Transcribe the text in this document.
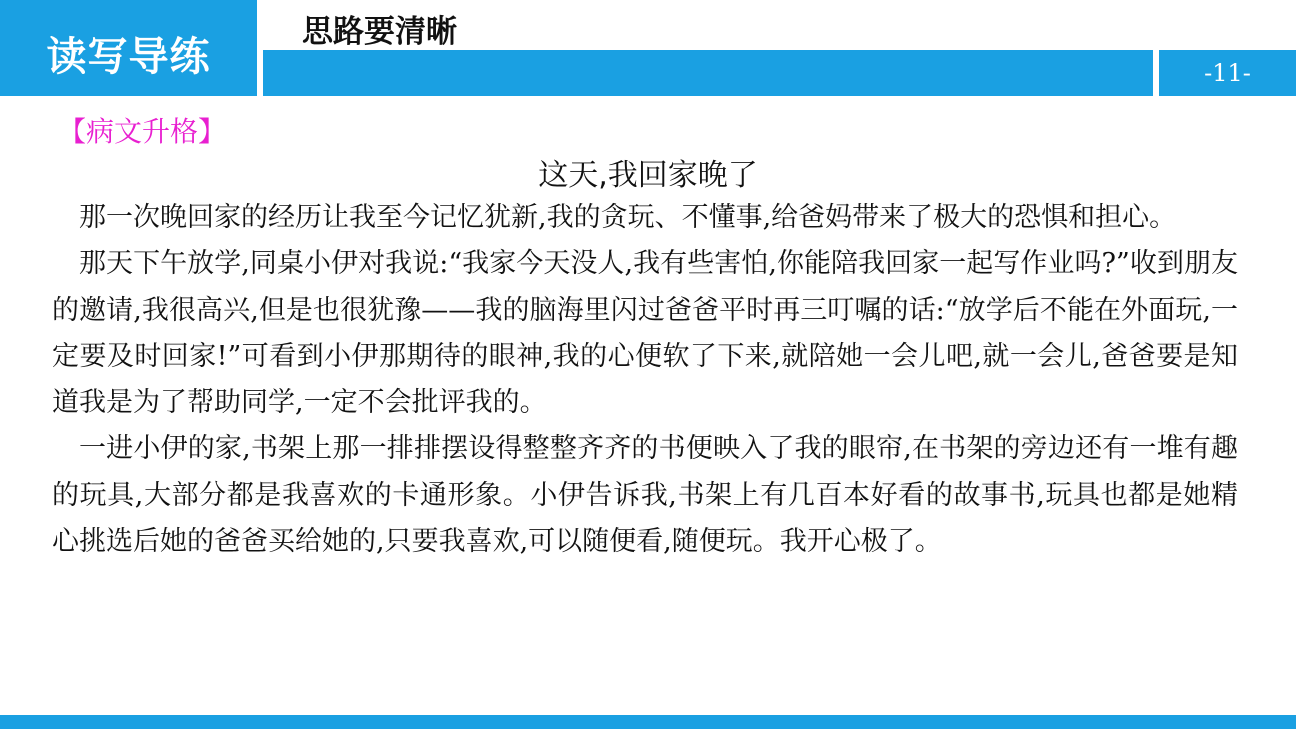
读写导练
思路要清晰
-11-
【病文升格】
这天,我回家晚了

那一次晚回家的经历让我至今记忆犹新,我的贪玩、不懂事,给爸妈带来了极大的恐惧和担心。

那天下午放学,同桌小伊对我说:“我家今天没人,我有些害怕,你能陪我回家一起写作业吗?”收到朋友的邀请,我很高兴,但是也很犹豫——我的脑海里闪过爸爸平时再三叮嘱的话:“放学后不能在外面玩,一定要及时回家!”可看到小伊那期待的眼神,我的心便软了下来,就陪她一会儿吧,就一会儿,爸爸要是知道我是为了帮助同学,一定不会批评我的。

一进小伊的家,书架上那一排排摆设得整整齐齐的书便映入了我的眼帘,在书架的旁边还有一堆有趣的玩具,大部分都是我喜欢的卡通形象。小伊告诉我,书架上有几百本好看的故事书,玩具也都是她精心挑选后她的爸爸买给她的,只要我喜欢,可以随便看,随便玩。我开心极了。
